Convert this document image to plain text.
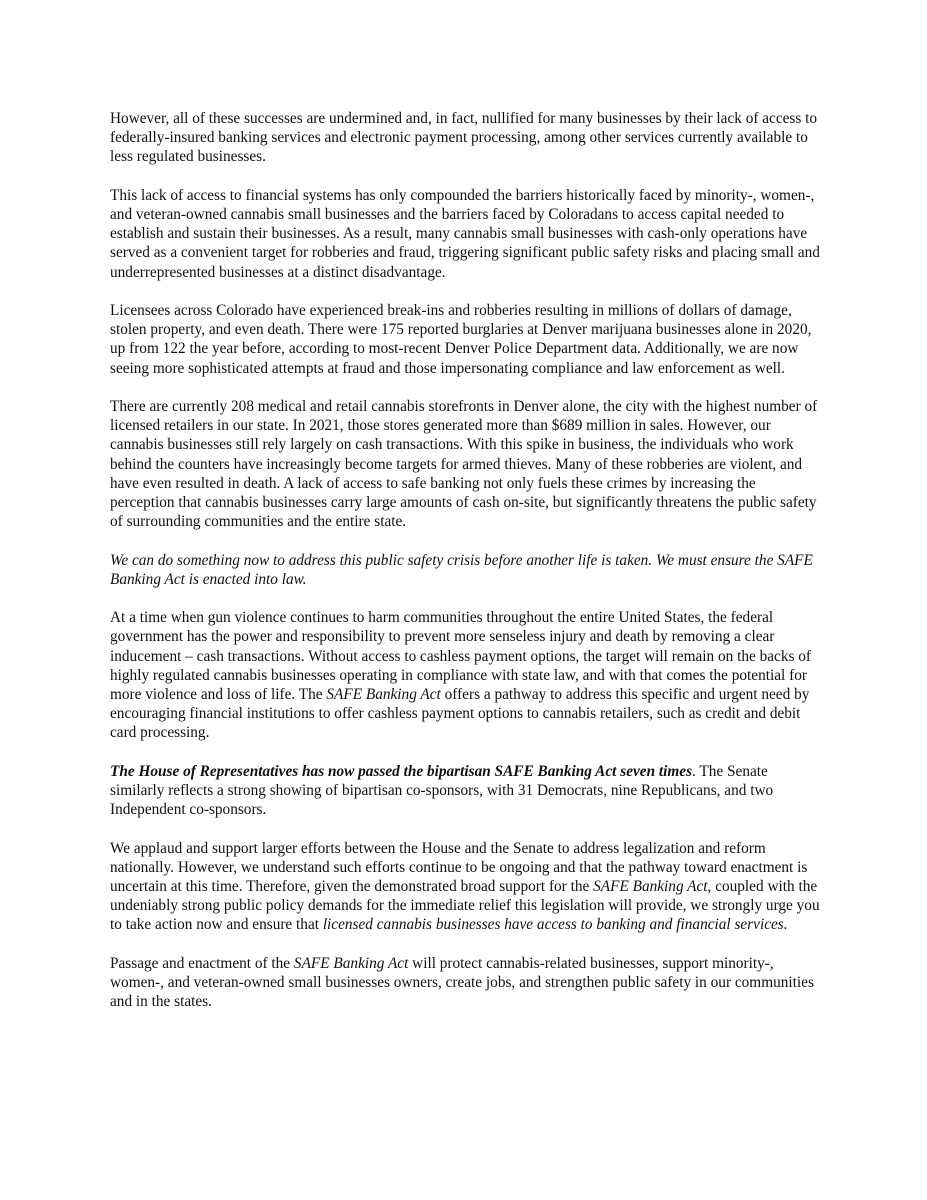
However, all of these successes are undermined and, in fact, nullified for many businesses by their lack of access to federally-insured banking services and electronic payment processing, among other services currently available to less regulated businesses.

This lack of access to financial systems has only compounded the barriers historically faced by minority-, women-, and veteran-owned cannabis small businesses and the barriers faced by Coloradans to access capital needed to establish and sustain their businesses. As a result, many cannabis small businesses with cash-only operations have served as a convenient target for robberies and fraud, triggering significant public safety risks and placing small and underrepresented businesses at a distinct disadvantage.

Licensees across Colorado have experienced break-ins and robberies resulting in millions of dollars of damage, stolen property, and even death. There were 175 reported burglaries at Denver marijuana businesses alone in 2020, up from 122 the year before, according to most-recent Denver Police Department data. Additionally, we are now seeing more sophisticated attempts at fraud and those impersonating compliance and law enforcement as well.

There are currently 208 medical and retail cannabis storefronts in Denver alone, the city with the highest number of licensed retailers in our state. In 2021, those stores generated more than $689 million in sales. However, our cannabis businesses still rely largely on cash transactions. With this spike in business, the individuals who work behind the counters have increasingly become targets for armed thieves. Many of these robberies are violent, and have even resulted in death. A lack of access to safe banking not only fuels these crimes by increasing the perception that cannabis businesses carry large amounts of cash on-site, but significantly threatens the public safety of surrounding communities and the entire state.

We can do something now to address this public safety crisis before another life is taken. We must ensure the SAFE Banking Act is enacted into law.

At a time when gun violence continues to harm communities throughout the entire United States, the federal government has the power and responsibility to prevent more senseless injury and death by removing a clear inducement – cash transactions. Without access to cashless payment options, the target will remain on the backs of highly regulated cannabis businesses operating in compliance with state law, and with that comes the potential for more violence and loss of life. The SAFE Banking Act offers a pathway to address this specific and urgent need by encouraging financial institutions to offer cashless payment options to cannabis retailers, such as credit and debit card processing.

The House of Representatives has now passed the bipartisan SAFE Banking Act seven times. The Senate similarly reflects a strong showing of bipartisan co-sponsors, with 31 Democrats, nine Republicans, and two Independent co-sponsors.

We applaud and support larger efforts between the House and the Senate to address legalization and reform nationally. However, we understand such efforts continue to be ongoing and that the pathway toward enactment is uncertain at this time. Therefore, given the demonstrated broad support for the SAFE Banking Act, coupled with the undeniably strong public policy demands for the immediate relief this legislation will provide, we strongly urge you to take action now and ensure that licensed cannabis businesses have access to banking and financial services.

Passage and enactment of the SAFE Banking Act will protect cannabis-related businesses, support minority-, women-, and veteran-owned small businesses owners, create jobs, and strengthen public safety in our communities and in the states.
